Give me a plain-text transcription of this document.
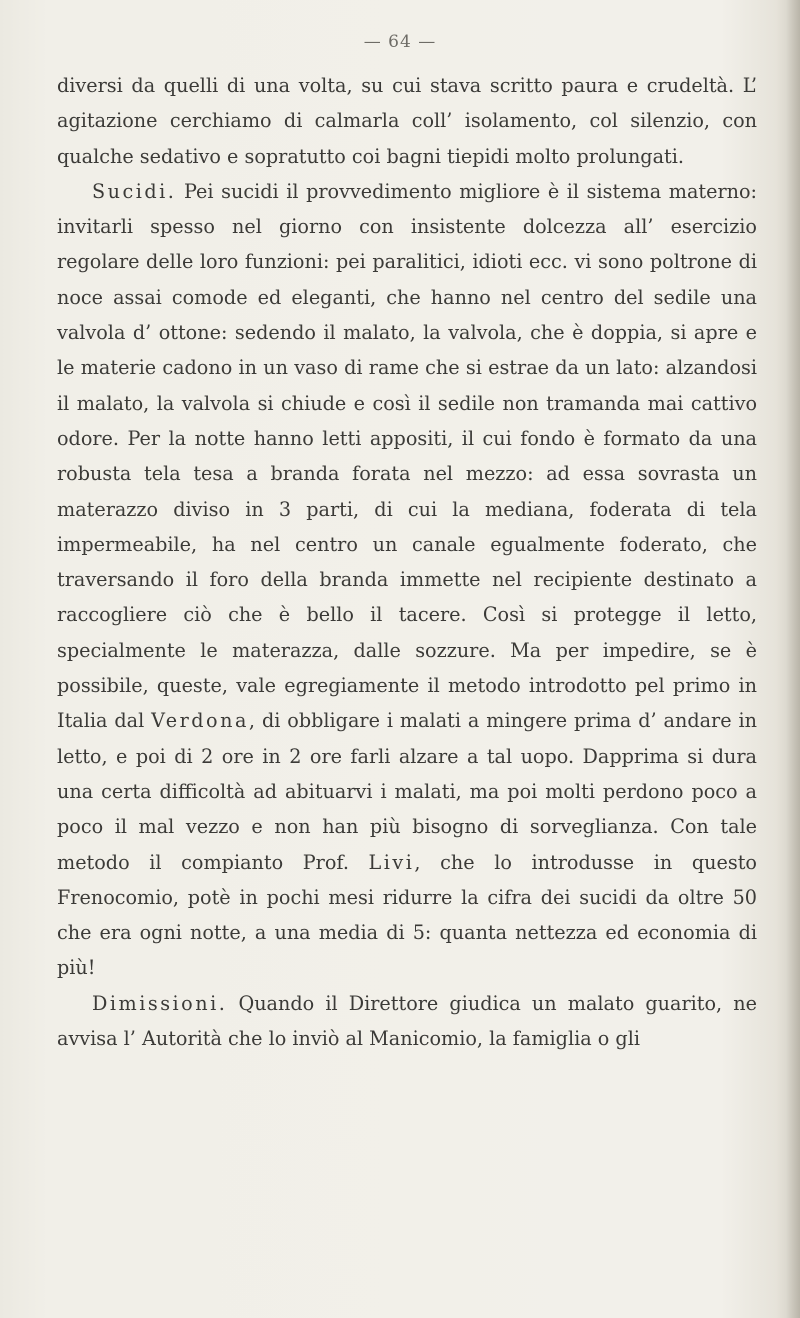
— 64 —

diversi da quelli di una volta, su cui stava scritto paura e crudeltà. L’ agitazione cerchiamo di calmarla coll’ isolamento, col silenzio, con qualche sedativo e sopratutto coi bagni tiepidi molto prolungati.

Sucidi. Pei sucidi il provvedimento migliore è il sistema materno: invitarli spesso nel giorno con insistente dolcezza all’ esercizio regolare delle loro funzioni: pei paralitici, idioti ecc. vi sono poltrone di noce assai comode ed eleganti, che hanno nel centro del sedile una valvola d’ ottone: sedendo il malato, la valvola, che è doppia, si apre e le materie cadono in un vaso di rame che si estrae da un lato: alzandosi il malato, la valvola si chiude e così il sedile non tramanda mai cattivo odore. Per la notte hanno letti appositi, il cui fondo è formato da una robusta tela tesa a branda forata nel mezzo: ad essa sovrasta un materazzo diviso in 3 parti, di cui la mediana, foderata di tela impermeabile, ha nel centro un canale egualmente foderato, che traversando il foro della branda immette nel recipiente destinato a raccogliere ciò che è bello il tacere. Così si protegge il letto, specialmente le materazza, dalle sozzure. Ma per impedire, se è possibile, queste, vale egregiamente il metodo introdotto pel primo in Italia dal Verdona, di obbligare i malati a mingere prima d’ andare in letto, e poi di 2 ore in 2 ore farli alzare a tal uopo. Dapprima si dura una certa difficoltà ad abituarvi i malati, ma poi molti perdono poco a poco il mal vezzo e non han più bisogno di sorveglianza. Con tale metodo il compianto Prof. Livi, che lo introdusse in questo Frenocomio, potè in pochi mesi ridurre la cifra dei sucidi da oltre 50 che era ogni notte, a una media di 5: quanta nettezza ed economia di più!

Dimissioni. Quando il Direttore giudica un malato guarito, ne avvisa l’ Autorità che lo inviò al Manicomio, la famiglia o gli
